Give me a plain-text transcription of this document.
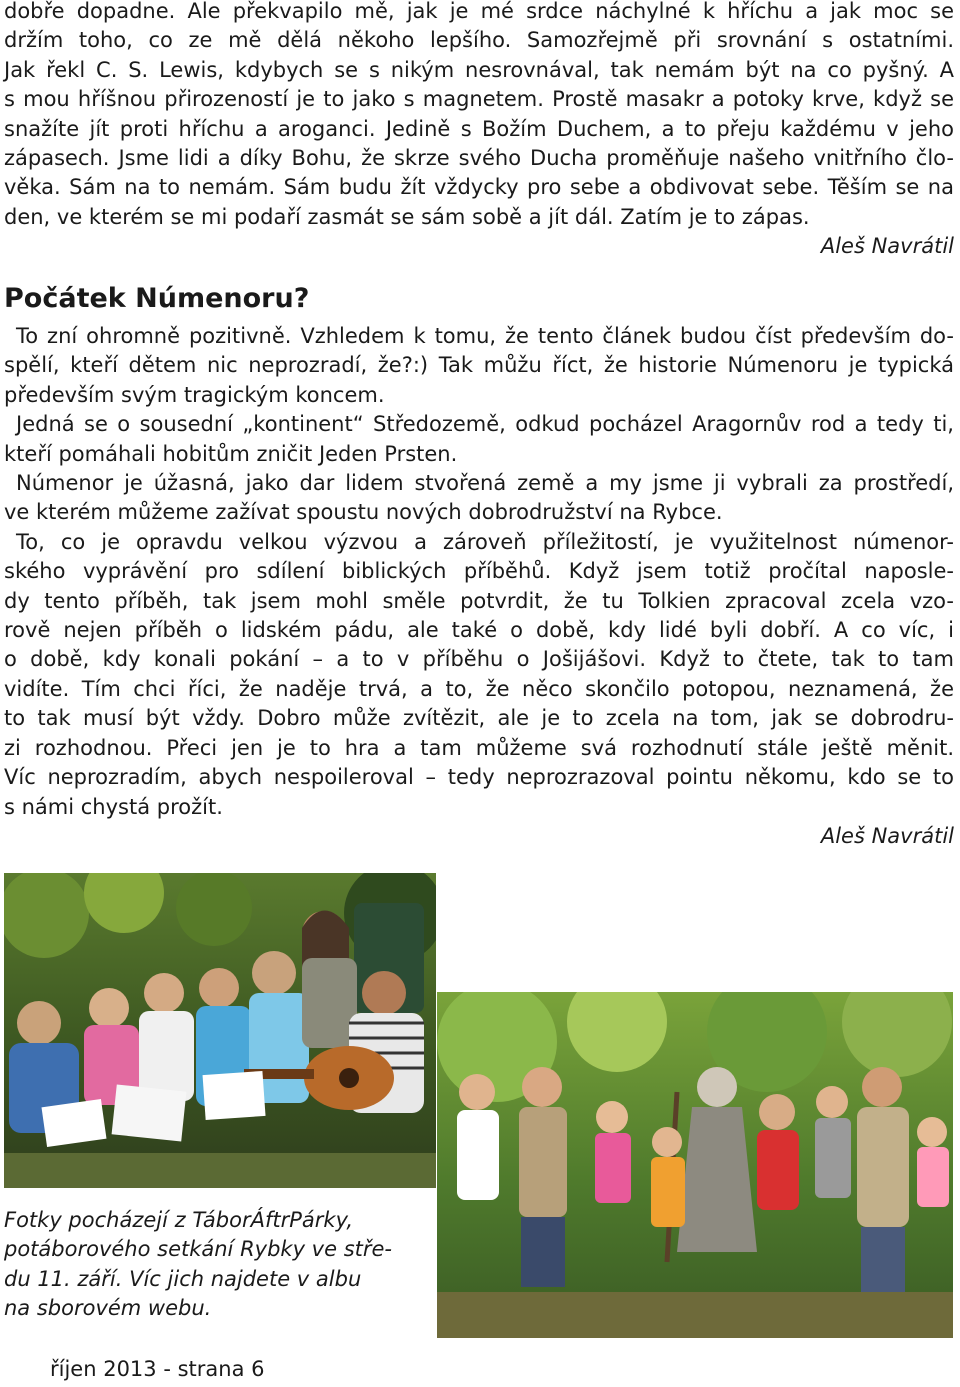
dobře dopadne. Ale překvapilo mě, jak je mé srdce náchylné k hříchu a jak moc se
držím toho, co ze mě dělá někoho lepšího. Samozřejmě při srovnání s ostatními.
Jak řekl C. S. Lewis, kdybych se s nikým nesrovnával, tak nemám být na co pyšný. A
s mou hříšnou přirozeností je to jako s magnetem. Prostě masakr a potoky krve, když se
snažíte jít proti hříchu a aroganci. Jedině s Božím Duchem, a to přeju každému v jeho
zápasech. Jsme lidi a díky Bohu, že skrze svého Ducha proměňuje našeho vnitřního člo-
věka. Sám na to nemám. Sám budu žít vždycky pro sebe a obdivovat sebe. Těším se na
den, ve kterém se mi podaří zasmát se sám sobě a jít dál. Zatím je to zápas.
Aleš Navrátil
Počátek Númenoru?
To zní ohromně pozitivně. Vzhledem k tomu, že tento článek budou číst především do-
spělí, kteří dětem nic neprozradí, že?:) Tak můžu říct, že historie Númenoru je typická
především svým tragickým koncem.
Jedná se o sousední „kontinent“ Středozemě, odkud pocházel Aragornův rod a tedy ti,
kteří pomáhali hobitům zničit Jeden Prsten.
Númenor je úžasná, jako dar lidem stvořená země a my jsme ji vybrali za prostředí,
ve kterém můžeme zažívat spoustu nových dobrodružství na Rybce.
To, co je opravdu velkou výzvou a zároveň příležitostí, je využitelnost númenor-
ského vyprávění pro sdílení biblických příběhů. Když jsem totiž pročítal naposle-
dy tento příběh, tak jsem mohl směle potvrdit, že tu Tolkien zpracoval zcela vzo-
rově nejen příběh o lidském pádu, ale také o době, kdy lidé byli dobří. A co víc, i
o době, kdy konali pokání – a to v příběhu o Jošijášovi. Když to čtete, tak to tam
vidíte. Tím chci říci, že naděje trvá, a to, že něco skončilo potopou, neznamená, že
to tak musí být vždy. Dobro může zvítězit, ale je to zcela na tom, jak se dobrodru-
zi rozhodnou. Přeci jen je to hra a tam můžeme svá rozhodnutí stále ještě měnit.
Víc neprozradím, abych nespoileroval – tedy neprozrazoval pointu někomu, kdo se to
s námi chystá prožít.
Aleš Navrátil
Fotky pocházejí z TáborÁftrPárky,
potáborového setkání Rybky ve stře-
du 11. září. Víc jich najdete v albu
na sborovém webu.
říjen 2013 - strana 6
